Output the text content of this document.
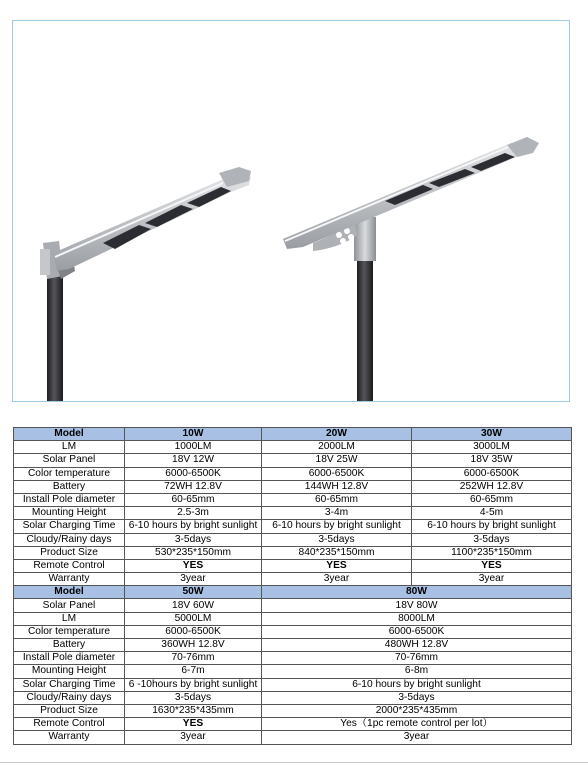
Model	10W	20W	30W
LM	1000LM	2000LM	3000LM
Solar Panel	18V 12W	18V 25W	18V 35W
Color temperature	6000-6500K	6000-6500K	6000-6500K
Battery	72WH 12.8V	144WH 12.8V	252WH 12.8V
Install Pole diameter	60-65mm	60-65mm	60-65mm
Mounting Height	2.5-3m	3-4m	4-5m
Solar Charging Time	6-10 hours by bright sunlight	6-10 hours by bright sunlight	6-10 hours by bright sunlight
Cloudy/Rainy days	3-5days	3-5days	3-5days
Product Size	530*235*150mm	840*235*150mm	1100*235*150mm
Remote Control	YES	YES	YES
Warranty	3year	3year	3year
Model	50W	80W	
Solar Panel	18V 60W	18V 80W	
LM	5000LM	8000LM	
Color temperature	6000-6500K	6000-6500K	
Battery	360WH 12.8V	480WH 12.8V	
Install Pole diameter	70-76mm	70-76mm	
Mounting Height	6-7m	6-8m	
Solar Charging Time	6 -10hours by bright sunlight	6-10 hours by bright sunlight	
Cloudy/Rainy days	3-5days	3-5days	
Product Size	1630*235*435mm	2000*235*435mm	
Remote Control	YES	Yes（1pc remote control per lot）	
Warranty	3year	3year	
